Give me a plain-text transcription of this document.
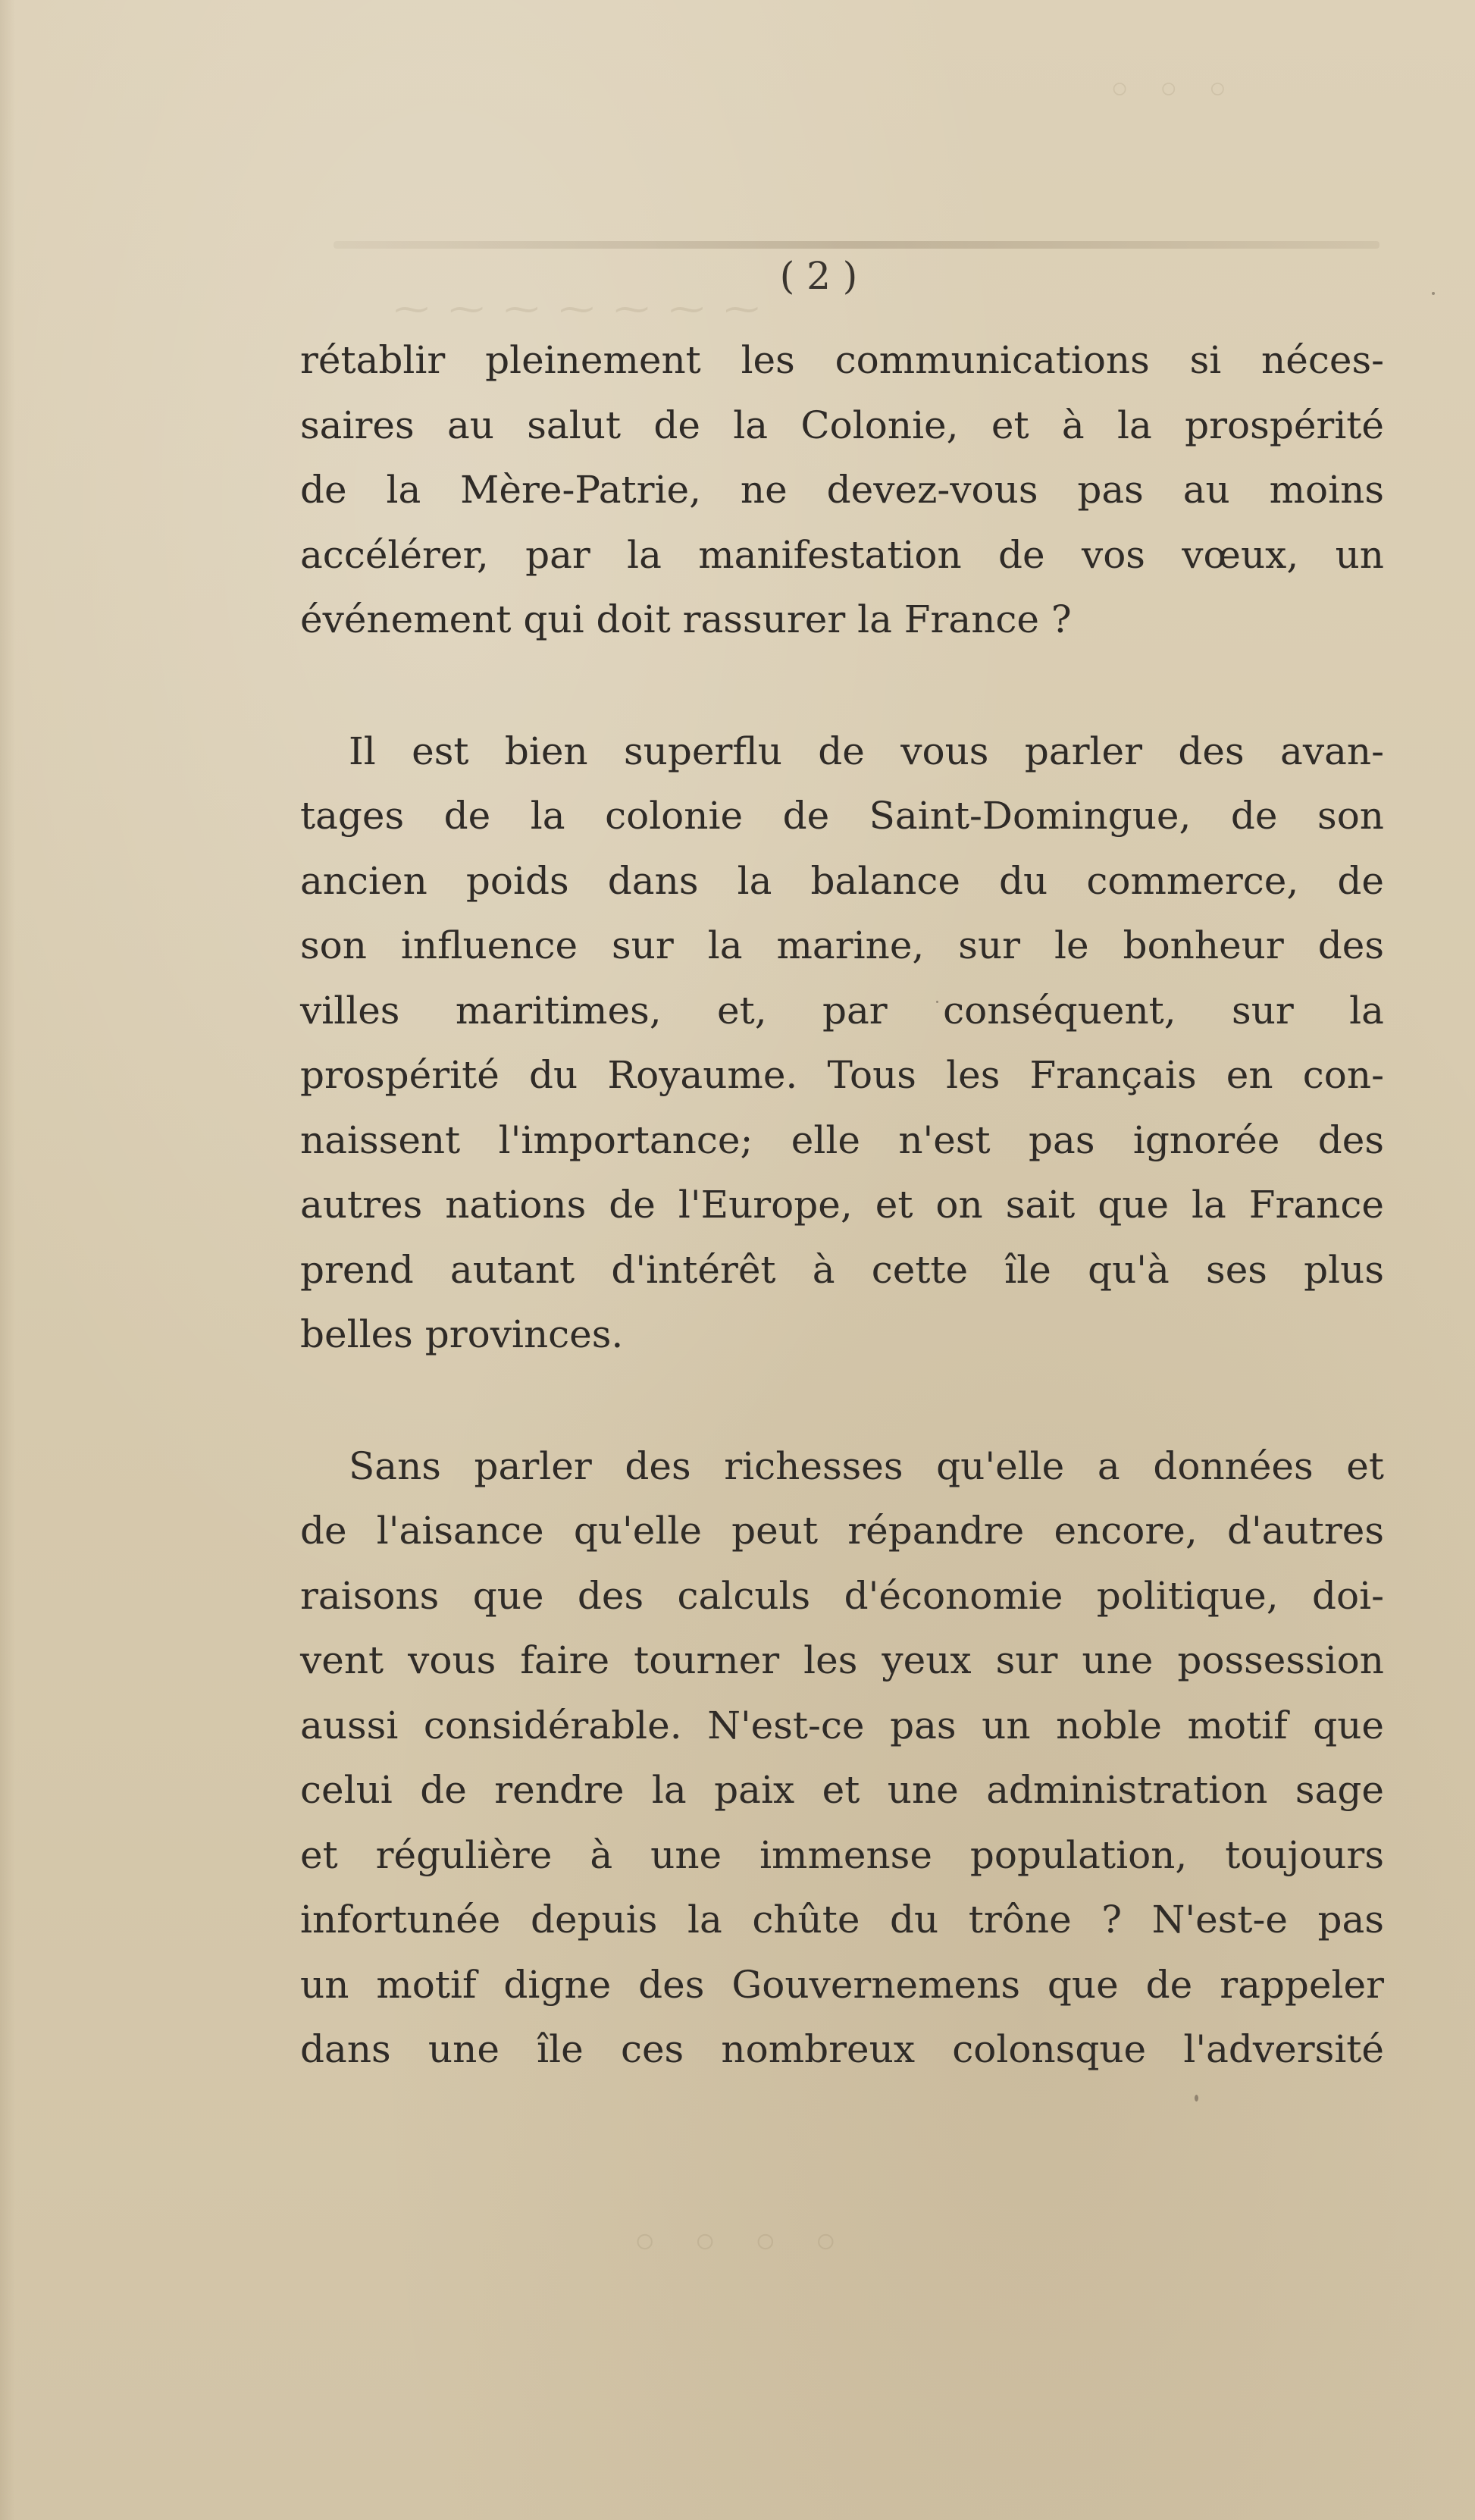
◦ ◦ ◦
⁓ ⁓ ⁓ ⁓ ⁓ ⁓ ⁓
◦ ◦ ◦ ◦
( 2 )
rétablir pleinement les communications si néces-
saires au salut de la Colonie, et à la prospérité
de la Mère-Patrie, ne devez-vous pas au moins
accélérer, par la manifestation de vos vœux, un
événement qui doit rassurer la France ?
Il est bien superflu de vous parler des avan-
tages de la colonie de Saint-Domingue, de son
ancien poids dans la balance du commerce, de
son influence sur la marine, sur le bonheur des
villes maritimes, et, par conséquent, sur la
prospérité du Royaume. Tous les Français en con-
naissent l'importance; elle n'est pas ignorée des
autres nations de l'Europe, et on sait que la France
prend autant d'intérêt à cette île qu'à ses plus
belles provinces.
Sans parler des richesses qu'elle a données et
de l'aisance qu'elle peut répandre encore, d'autres
raisons que des calculs d'économie politique, doi-
vent vous faire tourner les yeux sur une possession
aussi considérable. N'est-ce pas un noble motif que
celui de rendre la paix et une administration sage
et régulière à une immense population, toujours
infortunée depuis la chûte du trône ? N'est-e pas
un motif digne des Gouvernemens que de rappeler
dans une île ces nombreux colonsque l'adversité
